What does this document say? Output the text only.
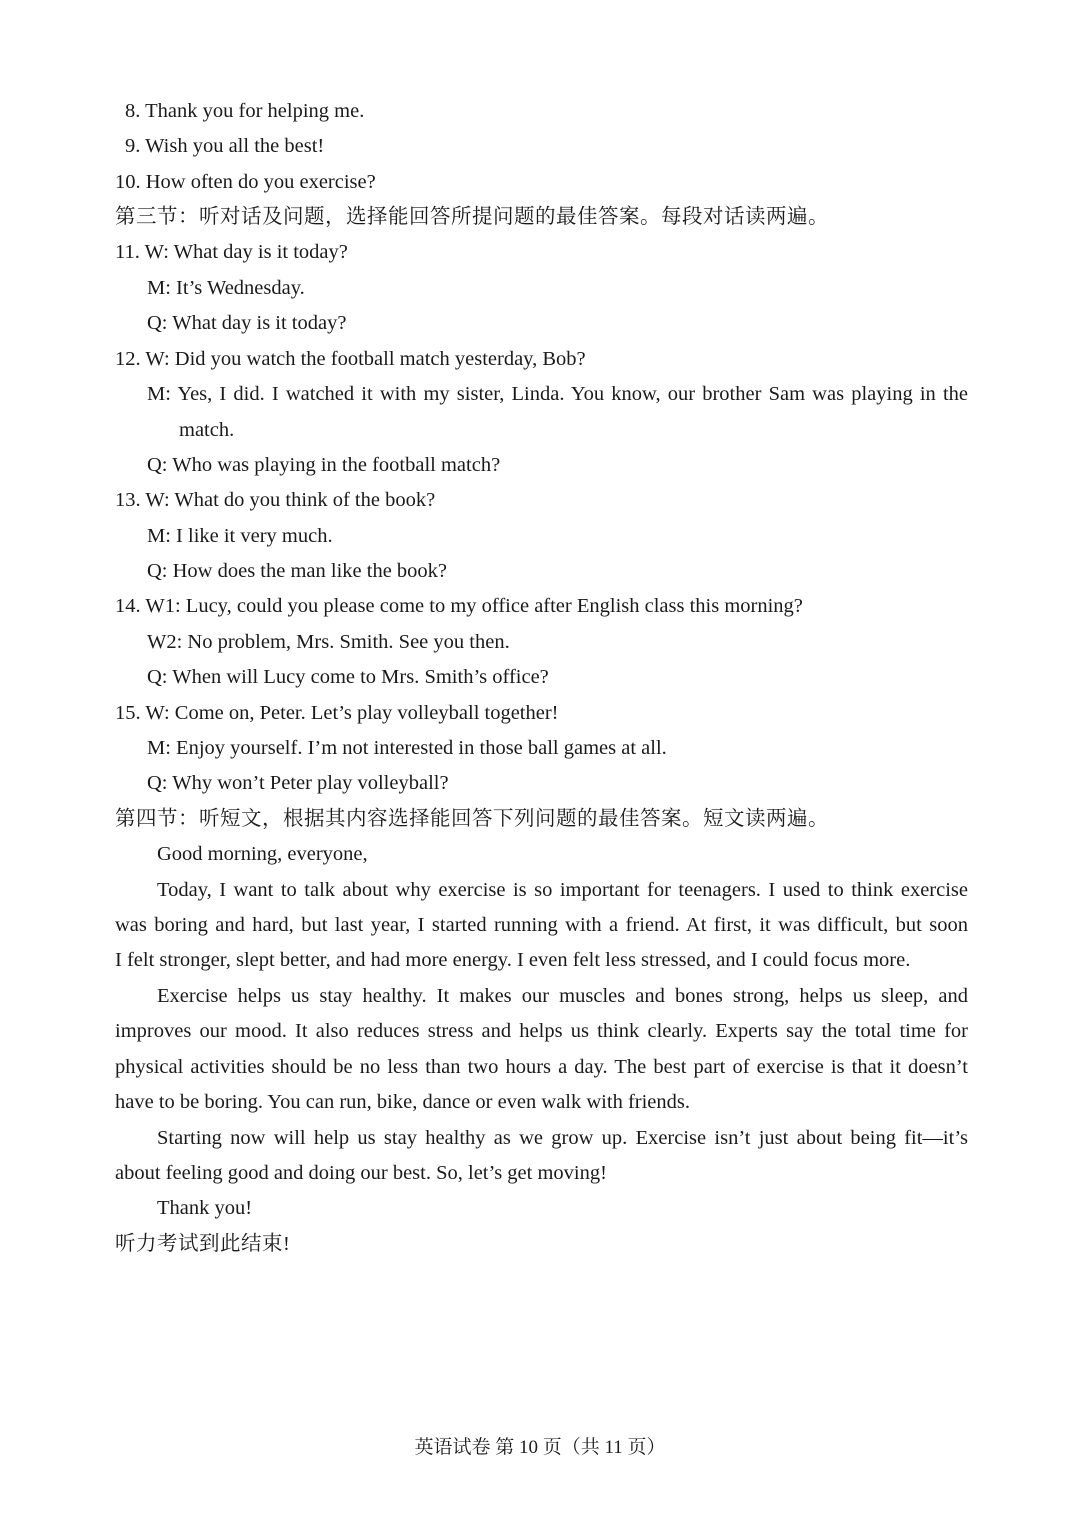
8. Thank you for helping me.
9. Wish you all the best!
10. How often do you exercise?
第三节：听对话及问题，选择能回答所提问题的最佳答案。每段对话读两遍。
11. W: What day is it today?
M: It’s Wednesday.
Q: What day is it today?
12. W: Did you watch the football match yesterday, Bob?
M: Yes, I did. I watched it with my sister, Linda. You know, our brother Sam was playing in the
match.
Q: Who was playing in the football match?
13. W: What do you think of the book?
M: I like it very much.
Q: How does the man like the book?
14. W1: Lucy, could you please come to my office after English class this morning?
W2: No problem, Mrs. Smith. See you then.
Q: When will Lucy come to Mrs. Smith’s office?
15. W: Come on, Peter. Let’s play volleyball together!
M: Enjoy yourself. I’m not interested in those ball games at all.
Q: Why won’t Peter play volleyball?
第四节：听短文，根据其内容选择能回答下列问题的最佳答案。短文读两遍。
Good morning, everyone,
Today, I want to talk about why exercise is so important for teenagers. I used to think exercise
was boring and hard, but last year, I started running with a friend. At first, it was difficult, but soon
I felt stronger, slept better, and had more energy. I even felt less stressed, and I could focus more.
Exercise helps us stay healthy. It makes our muscles and bones strong, helps us sleep, and
improves our mood. It also reduces stress and helps us think clearly. Experts say the total time for
physical activities should be no less than two hours a day. The best part of exercise is that it doesn’t
have to be boring. You can run, bike, dance or even walk with friends.
Starting now will help us stay healthy as we grow up. Exercise isn’t just about being fit—it’s
about feeling good and doing our best. So, let’s get moving!
Thank you!
听力考试到此结束!
英语试卷 第 10 页（共 11 页）
